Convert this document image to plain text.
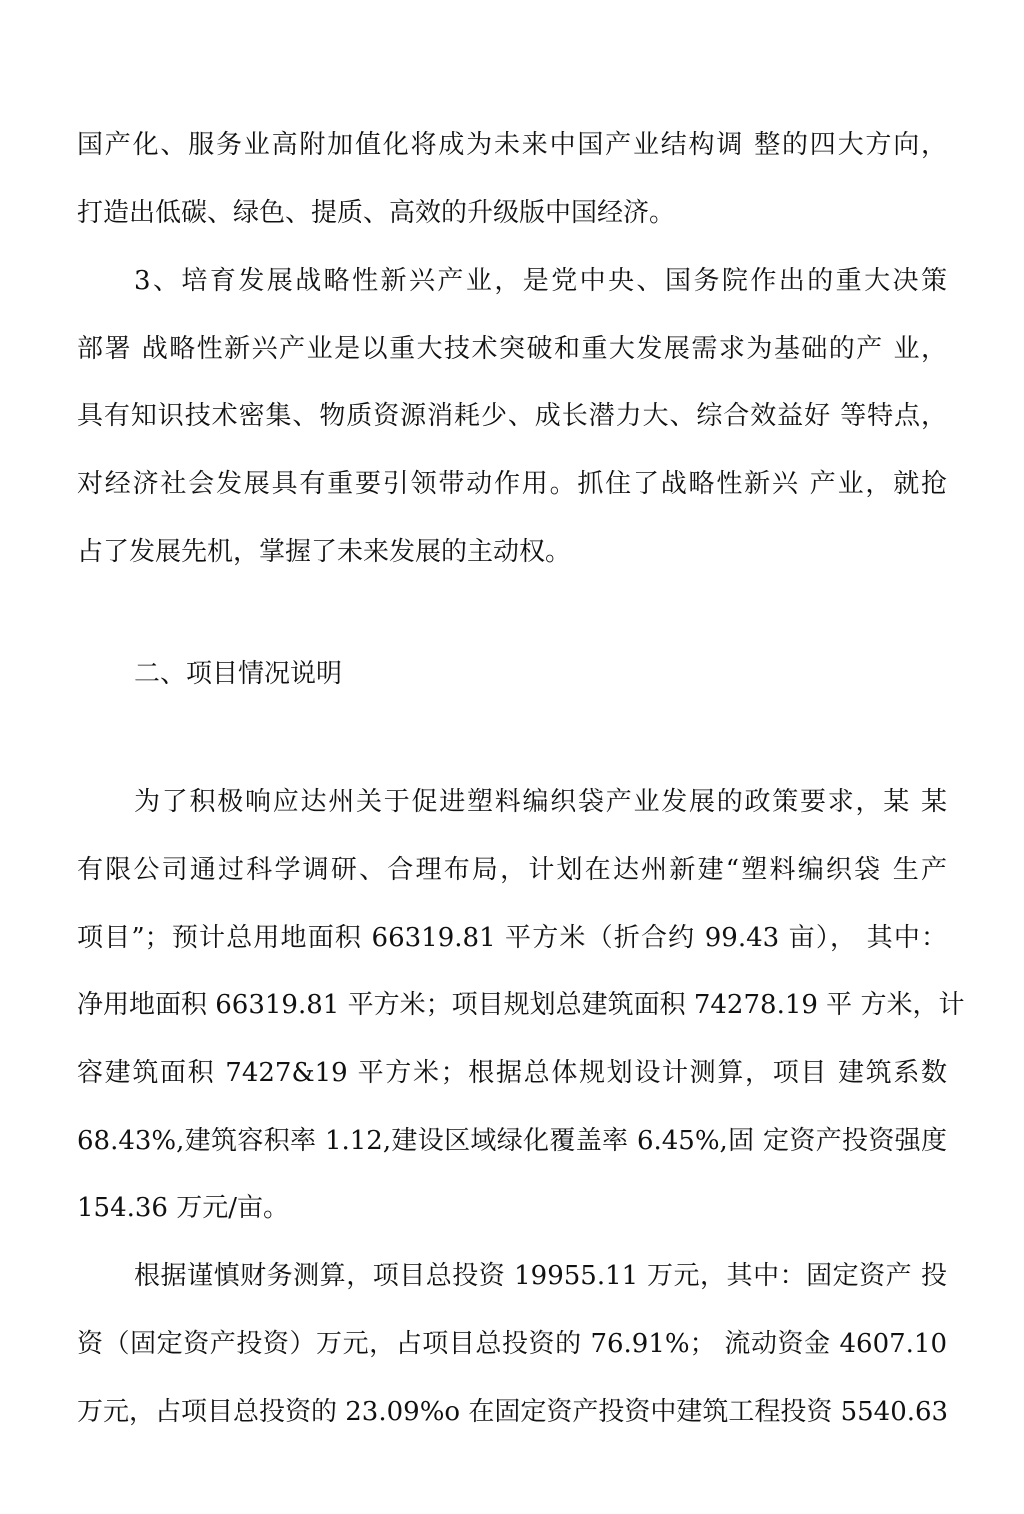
国产化、服务业高附加值化将成为未来中国产业结构调 整的四大方向，
打造出低碳、绿色、提质、高效的升级版中国经济。
3、培育发展战略性新兴产业，是党中央、国务院作出的重大决策
部署 战略性新兴产业是以重大技术突破和重大发展需求为基础的产 业，
具有知识技术密集、物质资源消耗少、成长潜力大、综合效益好 等特点，
对经济社会发展具有重要引领带动作用。抓住了战略性新兴 产业，就抢
占了发展先机，掌握了未来发展的主动权。
二、项目情况说明
为了积极响应达州关于促进塑料编织袋产业发展的政策要求，某 某
有限公司通过科学调研、合理布局，计划在达州新建“塑料编织袋 生产
项目”；预计总用地面积 66319.81 平方米（折合约 99.43 亩）， 其中：
净用地面积 66319.81 平方米；项目规划总建筑面积 74278.19 平 方米，计
容建筑面积 7427&19 平方米；根据总体规划设计测算，项目 建筑系数
68.43%,建筑容积率 1.12,建设区域绿化覆盖率 6.45%,固 定资产投资强度
154.36 万元/亩。
根据谨慎财务测算，项目总投资 19955.11 万元，其中：固定资产 投
资（固定资产投资）万元，占项目总投资的 76.91%； 流动资金 4607.10
万元，占项目总投资的 23.09%o 在固定资产投资中建筑工程投资 5540.63
